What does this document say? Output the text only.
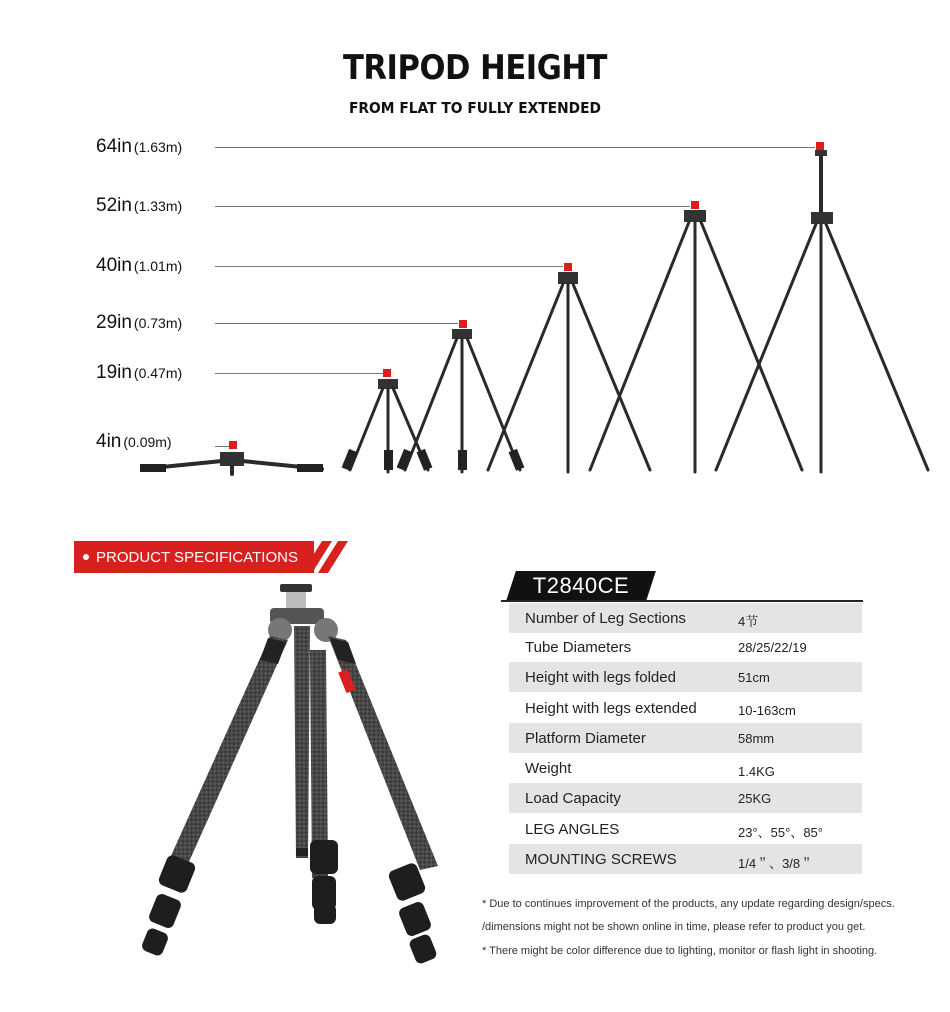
TRIPOD HEIGHT
FROM FLAT TO FULLY EXTENDED
64in (1.63m)
52in (1.33m)
40in (1.01m)
29in (0.73m)
19in (0.47m)
4in (0.09m)
PRODUCT SPECIFICATIONS
T2840CE
Number of Leg Sections	4节
Tube Diameters	28/25/22/19
Height with legs folded	51cm
Height with legs extended	10-163cm
Platform Diameter	58mm
Weight	1.4KG
Load Capacity	25KG
LEG ANGLES	23°、55°、85°
MOUNTING SCREWS	1/4＂、3/8＂
* Due to continues improvement of the products, any update regarding design/specs.
/dimensions might not be shown online in time, please refer to product you get.
* There might be color difference due to lighting, monitor or flash light in shooting.
